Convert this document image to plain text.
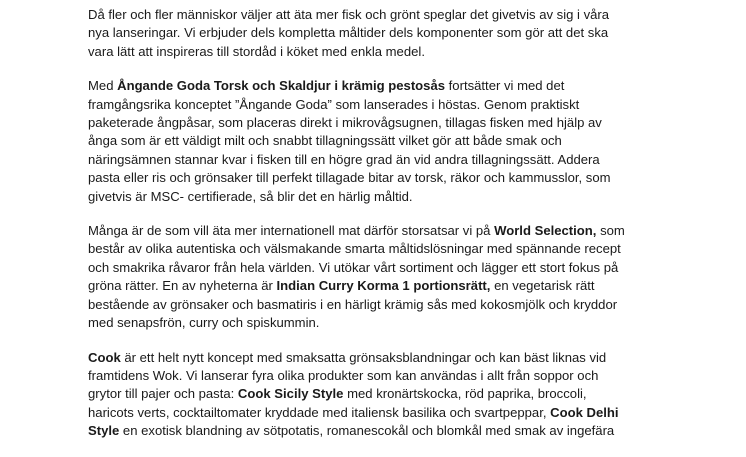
Då fler och fler människor väljer att äta mer fisk och grönt speglar det givetvis av sig i våra
nya lanseringar. Vi erbjuder dels kompletta måltider dels komponenter som gör att det ska
vara lätt att inspireras till stordåd i köket med enkla medel.

Med Ångande Goda Torsk och Skaldjur i krämig pestosås fortsätter vi med det
framgångsrika konceptet ”Ångande Goda” som lanserades i höstas. Genom praktiskt
paketerade ångpåsar, som placeras direkt i mikrovågsugnen, tillagas fisken med hjälp av
ånga som är ett väldigt milt och snabbt tillagningssätt vilket gör att både smak och
näringsämnen stannar kvar i fisken till en högre grad än vid andra tillagningssätt. Addera
pasta eller ris och grönsaker till perfekt tillagade bitar av torsk, räkor och kammusslor, som
givetvis är MSC- certifierade, så blir det en härlig måltid.

Många är de som vill äta mer internationell mat därför storsatsar vi på World Selection, som
består av olika autentiska och välsmakande smarta måltidslösningar med spännande recept
och smakrika råvaror från hela världen. Vi utökar vårt sortiment och lägger ett stort fokus på
gröna rätter. En av nyheterna är Indian Curry Korma 1 portionsrätt, en vegetarisk rätt
bestående av grönsaker och basmatiris i en härligt krämig sås med kokosmjölk och kryddor
med senapsfrön, curry och spiskummin.

Cook är ett helt nytt koncept med smaksatta grönsaksblandningar och kan bäst liknas vid
framtidens Wok. Vi lanserar fyra olika produkter som kan användas i allt från soppor och
grytor till pajer och pasta: Cook Sicily Style med kronärtskocka, röd paprika, broccoli,
haricots verts, cocktailtomater kryddade med italiensk basilika och svartpeppar, Cook Delhi
Style en exotisk blandning av sötpotatis, romanescokål och blomkål med smak av ingefära
